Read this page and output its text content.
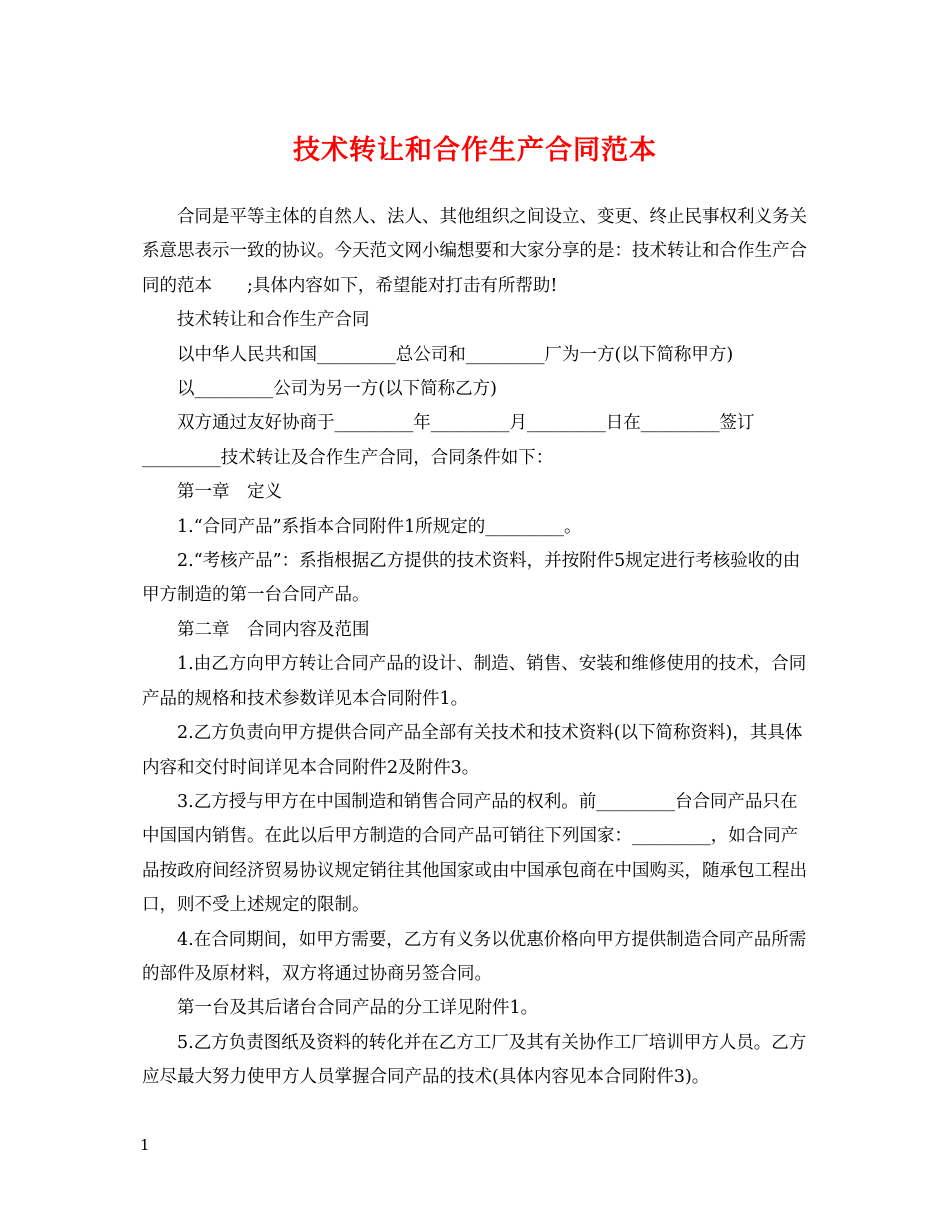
技术转让和合作生产合同范本

合同是平等主体的自然人、法人、其他组织之间设立、变更、终止民事权利义务关系意思表示一致的协议。今天范文网小编想要和大家分享的是：技术转让和合作生产合同的范本　　;具体内容如下，希望能对打击有所帮助!

技术转让和合作生产合同

以中华人民共和国_________总公司和_________厂为一方(以下简称甲方)

以_________公司为另一方(以下简称乙方)

双方通过友好协商于_________年_________月_________日在_________签订_________技术转让及合作生产合同，合同条件如下：

第一章　定义

1.“合同产品”系指本合同附件1所规定的_________。

2.“考核产品”：系指根据乙方提供的技术资料，并按附件5规定进行考核验收的由甲方制造的第一台合同产品。

第二章　合同内容及范围

1.由乙方向甲方转让合同产品的设计、制造、销售、安装和维修使用的技术，合同产品的规格和技术参数详见本合同附件1。

2.乙方负责向甲方提供合同产品全部有关技术和技术资料(以下简称资料)，其具体内容和交付时间详见本合同附件2及附件3。

3.乙方授与甲方在中国制造和销售合同产品的权利。前_________台合同产品只在中国国内销售。在此以后甲方制造的合同产品可销往下列国家：_________，如合同产品按政府间经济贸易协议规定销往其他国家或由中国承包商在中国购买，随承包工程出口，则不受上述规定的限制。

4.在合同期间，如甲方需要，乙方有义务以优惠价格向甲方提供制造合同产品所需的部件及原材料，双方将通过协商另签合同。

第一台及其后诸台合同产品的分工详见附件1。

5.乙方负责图纸及资料的转化并在乙方工厂及其有关协作工厂培训甲方人员。乙方应尽最大努力使甲方人员掌握合同产品的技术(具体内容见本合同附件3)。

1
